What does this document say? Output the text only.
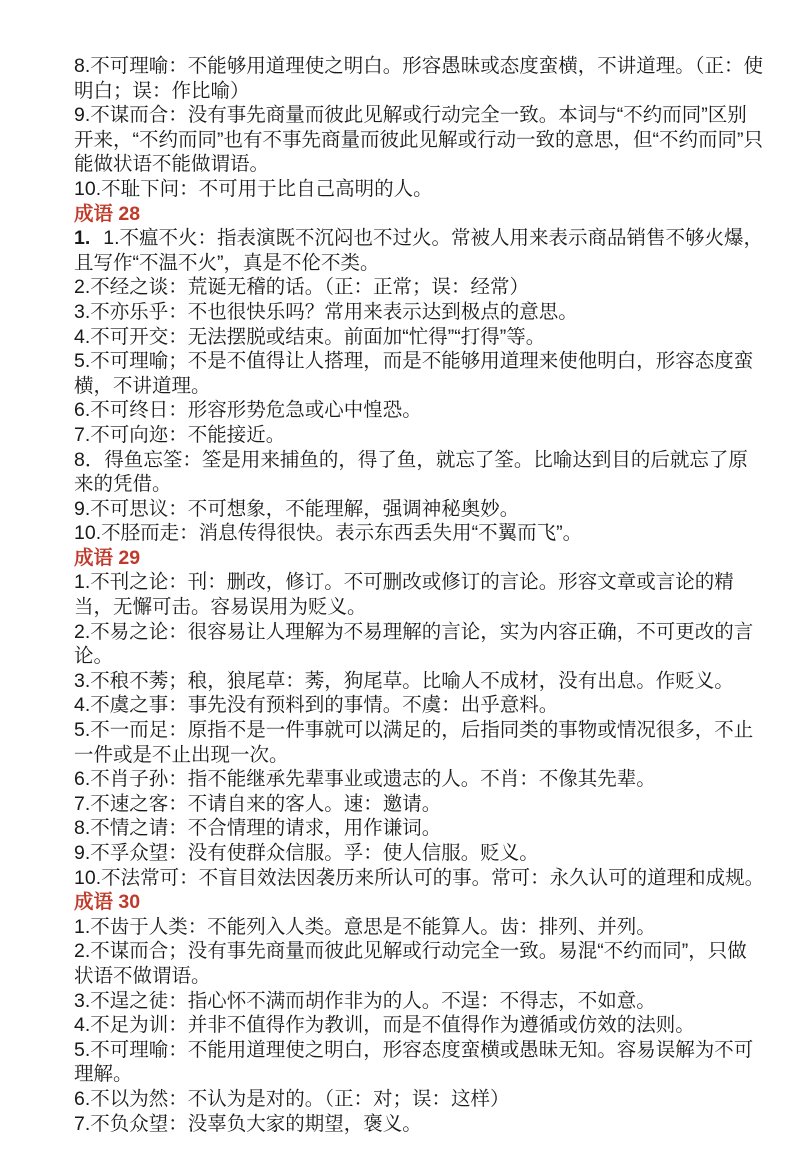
8.不可理喻：不能够用道理使之明白。形容愚昧或态度蛮横，不讲道理。（正：使明白；误：作比喻）

9.不谋而合：没有事先商量而彼此见解或行动完全一致。本词与“不约而同”区别开来，“不约而同”也有不事先商量而彼此见解或行动一致的意思，但“不约而同”只能做状语不能做谓语。

10.不耻下问：不可用于比自己高明的人。

成语 28

1. 1.不瘟不火：指表演既不沉闷也不过火。常被人用来表示商品销售不够火爆，且写作“不温不火”，真是不伦不类。

2.不经之谈：荒诞无稽的话。（正：正常；误：经常）

3.不亦乐乎：不也很快乐吗？常用来表示达到极点的意思。

4.不可开交：无法摆脱或结束。前面加“忙得”“打得”等。

5.不可理喻；不是不值得让人搭理，而是不能够用道理来使他明白，形容态度蛮横，不讲道理。

6.不可终日：形容形势危急或心中惶恐。

7.不可向迩：不能接近。

8．得鱼忘筌：筌是用来捕鱼的，得了鱼，就忘了筌。比喻达到目的后就忘了原来的凭借。

9.不可思议：不可想象，不能理解，强调神秘奥妙。

10.不胫而走：消息传得很快。表示东西丢失用“不翼而飞”。

成语 29

1.不刊之论：刊：删改，修订。不可删改或修订的言论。形容文章或言论的精当，无懈可击。容易误用为贬义。

2.不易之论：很容易让人理解为不易理解的言论，实为内容正确，不可更改的言论。

3.不稂不莠；稂，狼尾草：莠，狗尾草。比喻人不成材，没有出息。作贬义。

4.不虞之事：事先没有预料到的事情。不虞：出乎意料。

5.不一而足：原指不是一件事就可以满足的，后指同类的事物或情况很多，不止一件或是不止出现一次。

6.不肖子孙：指不能继承先辈事业或遗志的人。不肖：不像其先辈。

7.不速之客：不请自来的客人。速：邀请。

8.不情之请：不合情理的请求，用作谦词。

9.不孚众望：没有使群众信服。孚：使人信服。贬义。

10.不法常可：不盲目效法因袭历来所认可的事。常可：永久认可的道理和成规。

成语 30

1.不齿于人类：不能列入人类。意思是不能算人。齿：排列、并列。

2.不谋而合；没有事先商量而彼此见解或行动完全一致。易混“不约而同”，只做状语不做谓语。

3.不逞之徒：指心怀不满而胡作非为的人。不逞：不得志，不如意。

4.不足为训：并非不值得作为教训，而是不值得作为遵循或仿效的法则。

5.不可理喻：不能用道理使之明白，形容态度蛮横或愚昧无知。容易误解为不可理解。

6.不以为然：不认为是对的。（正：对；误：这样）

7.不负众望：没辜负大家的期望，褒义。
